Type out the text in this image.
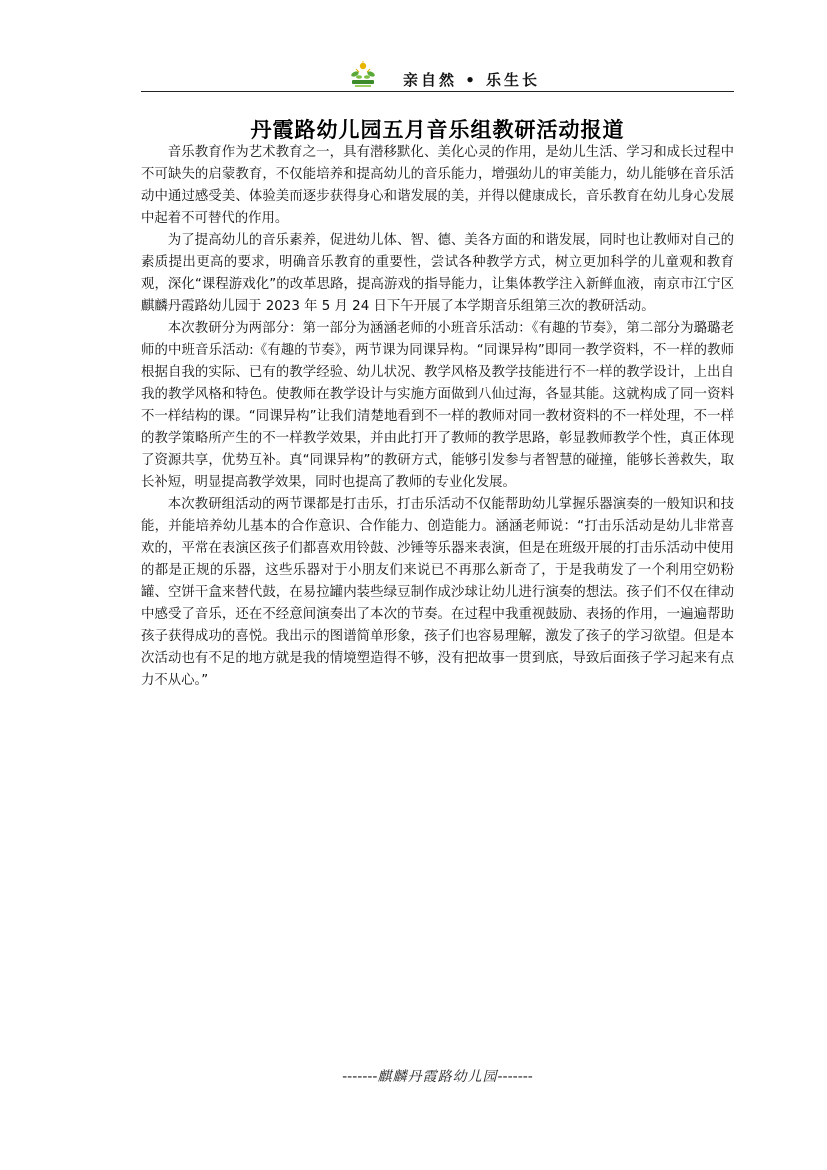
亲自然 • 乐生长
丹霞路幼儿园五月音乐组教研活动报道

音乐教育作为艺术教育之一，具有潜移默化、美化心灵的作用，是幼儿生活、学习和成长过程中不可缺失的启蒙教育，不仅能培养和提高幼儿的音乐能力，增强幼儿的审美能力，幼儿能够在音乐活动中通过感受美、体验美而逐步获得身心和谐发展的美，并得以健康成长，音乐教育在幼儿身心发展中起着不可替代的作用。

为了提高幼儿的音乐素养，促进幼儿体、智、德、美各方面的和谐发展，同时也让教师对自己的素质提出更高的要求，明确音乐教育的重要性，尝试各种教学方式，树立更加科学的儿童观和教育观，深化“课程游戏化”的改革思路，提高游戏的指导能力，让集体教学注入新鲜血液，南京市江宁区麒麟丹霞路幼儿园于 2023 年 5 月 24 日下午开展了本学期音乐组第三次的教研活动。

本次教研分为两部分：第一部分为涵涵老师的小班音乐活动：《有趣的节奏》，第二部分为璐璐老师的中班音乐活动:《有趣的节奏》，两节课为同课异构。“同课异构”即同一教学资料，不一样的教师根据自我的实际、已有的教学经验、幼儿状况、教学风格及教学技能进行不一样的教学设计，上出自我的教学风格和特色。使教师在教学设计与实施方面做到八仙过海，各显其能。这就构成了同一资料不一样结构的课。“同课异构”让我们清楚地看到不一样的教师对同一教材资料的不一样处理，不一样的教学策略所产生的不一样教学效果，并由此打开了教师的教学思路，彰显教师教学个性，真正体现了资源共享，优势互补。真“同课异构”的教研方式，能够引发参与者智慧的碰撞，能够长善救失，取长补短，明显提高教学效果，同时也提高了教师的专业化发展。

本次教研组活动的两节课都是打击乐，打击乐活动不仅能帮助幼儿掌握乐器演奏的一般知识和技能，并能培养幼儿基本的合作意识、合作能力、创造能力。涵涵老师说：“打击乐活动是幼儿非常喜欢的，平常在表演区孩子们都喜欢用铃鼓、沙锤等乐器来表演，但是在班级开展的打击乐活动中使用的都是正规的乐器，这些乐器对于小朋友们来说已不再那么新奇了，于是我萌发了一个利用空奶粉罐、空饼干盒来替代鼓，在易拉罐内装些绿豆制作成沙球让幼儿进行演奏的想法。孩子们不仅在律动中感受了音乐，还在不经意间演奏出了本次的节奏。在过程中我重视鼓励、表扬的作用，一遍遍帮助孩子获得成功的喜悦。我出示的图谱简单形象，孩子们也容易理解，激发了孩子的学习欲望。但是本次活动也有不足的地方就是我的情境塑造得不够，没有把故事一贯到底，导致后面孩子学习起来有点力不从心。”

-------麒麟丹霞路幼儿园-------
